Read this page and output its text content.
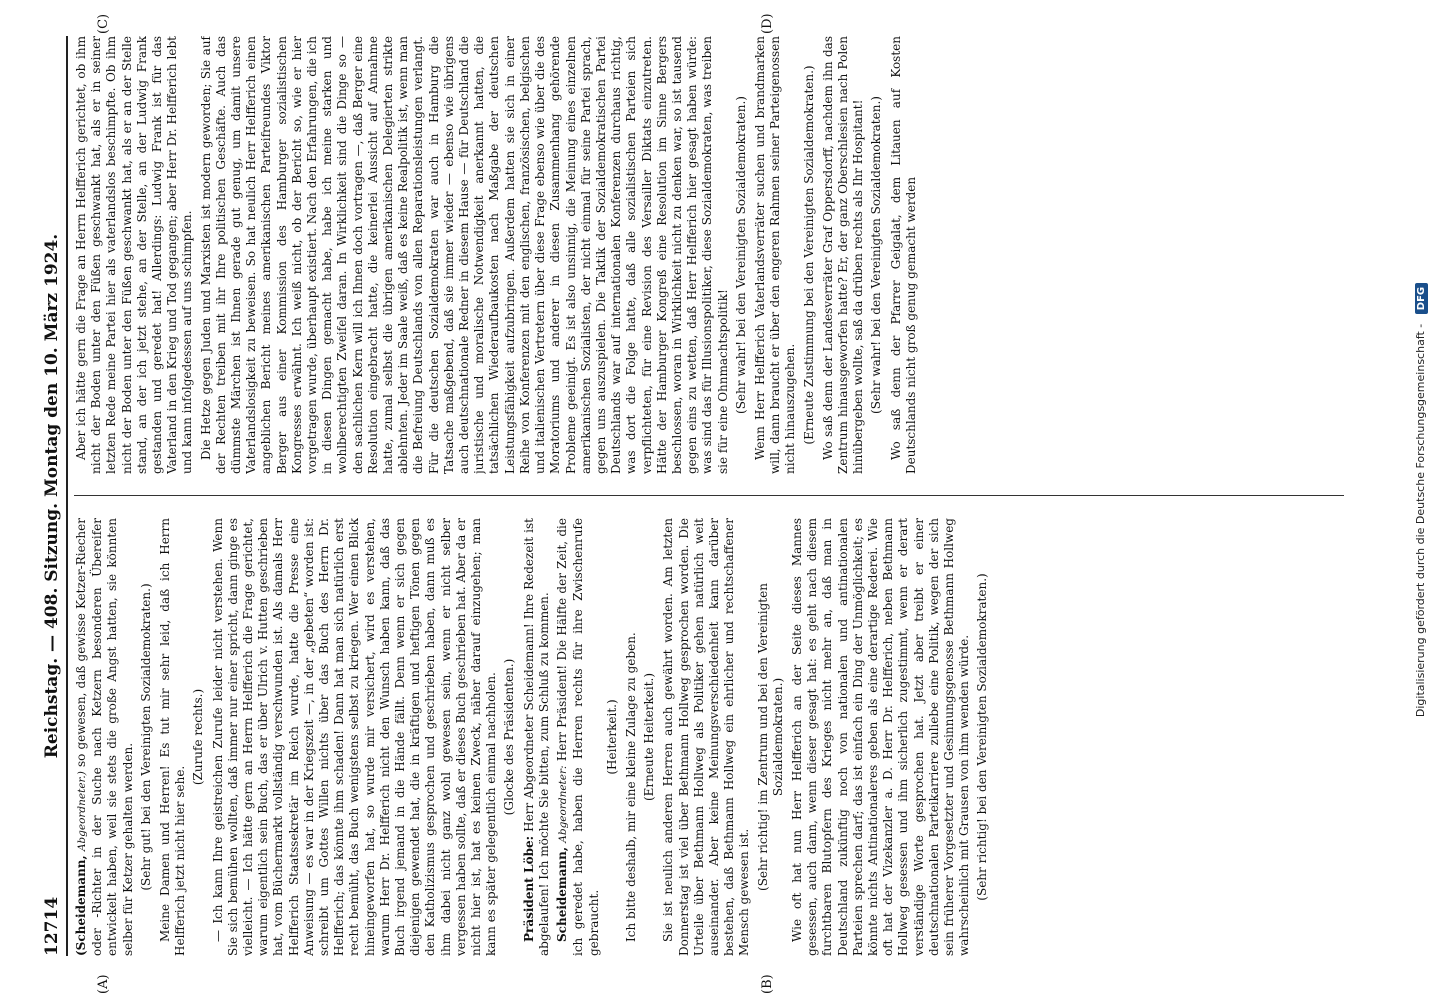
12714
Reichstag. — 408. Sitzung. Montag den 10. März 1924.
(A)	(B)
(C)	(D)

(Scheidemann, Abgeordneter.) so gewesen, daß gewisse Ketzer-Riecher oder -Richter in der Suche nach Ketzern besonderen Übereifer entwickelt haben, weil sie stets die große Angst hatten, sie könnten selber für Ketzer gehalten werden. (Sehr gut! bei den Vereinigten Sozialdemokraten.) Meine Damen und Herren! Es tut mir sehr leid, daß ich Herrn Helfferich jetzt nicht hier sehe.

(Zurufe rechts.) — Ich kann Ihre geistreichen Zurufe leider nicht verstehen. Wenn Sie sich bemühen wollten, daß immer nur einer spricht, dann ginge es vielleicht. — Ich hätte gern an Herrn Helfferich die Frage gerichtet, warum eigentlich sein Buch, das er über Ulrich v. Hutten geschrieben hat, vom Büchermarkt vollständig verschwunden ist. Als damals Herr Helfferich Staatssekretär im Reich wurde, hatte die Presse eine Anweisung — es war in der Kriegszeit —, in der „gebeten“ worden ist: schreibt um Gottes Willen nichts über das Buch des Herrn Dr. Helfferich; das könnte ihm schaden! Dann hat man sich natürlich erst recht bemüht, das Buch wenigstens selbst zu kriegen. Wer einen Blick hineingeworfen hat, so wurde mir versichert, wird es verstehen, warum Herr Dr. Helfferich nicht den Wunsch haben kann, daß das Buch irgend jemand in die Hände fällt. Denn wenn er sich gegen diejenigen gewendet hat, die in kräftigen und heftigen Tönen gegen den Katholizismus gesprochen und geschrieben haben, dann muß es ihm dabei nicht ganz wohl gewesen sein, wenn er nicht selber vergessen haben sollte, daß er dieses Buch geschrieben hat. Aber da er nicht hier ist, hat es keinen Zweck, näher darauf einzugehen; man kann es später gelegentlich einmal nachholen. (Glocke des Präsidenten.)

Präsident Löbe: Herr Abgeordneter Scheidemann! Ihre Redezeit ist abgelaufen! Ich möchte Sie bitten, zum Schluß zu kommen. Scheidemann, Abgeordneter: Herr Präsident! Die Hälfte der Zeit, die ich geredet habe, haben die Herren rechts für ihre Zwischenrufe gebraucht.

(Heiterkeit.) Ich bitte deshalb, mir eine kleine Zulage zu geben. (Erneute Heiterkeit.) Sie ist neulich anderen Herren auch gewährt worden. Am letzten Donnerstag ist viel über Bethmann Hollweg gesprochen worden. Die Urteile über Bethmann Hollweg als Politiker gehen natürlich weit auseinander. Aber keine Meinungsverschiedenheit kann darüber bestehen, daß Bethmann Hollweg ein ehrlicher und rechtschaffener Mensch gewesen ist.

(Sehr richtig! im Zentrum und bei den Vereinigten Sozialdemokraten.) Wie oft hat nun Herr Helfferich an der Seite dieses Mannes gesessen, auch dann, wenn dieser gesagt hat: es geht nach diesem furchtbaren Blutopfern des Krieges nicht mehr an, daß man in Deutschland zukünftig noch von nationalen und antinationalen Parteien sprechen darf; das ist einfach ein Ding der Unmöglichkeit; es könnte nichts Antinationaleres geben als eine derartige Rederei. Wie oft hat der Vizekanzler a. D. Herr Dr. Helfferich, neben Bethmann Hollweg gesessen und ihm sicherlich zugestimmt, wenn er derart verständige Worte gesprochen hat. Jetzt aber treibt er einer deutschnationalen Parteikarriere zuliebe eine Politik, wegen der sich sein früherer Vorgesetzter und Gesinnungsgenosse Bethmann Hollweg wahrscheinlich mit Grausen von ihm wenden würde. (Sehr richtig! bei den Vereinigten Sozialdemokraten.)

Aber ich hätte gern die Frage an Herrn Helfferich gerichtet, ob ihm nicht der Boden unter den Füßen geschwankt hat, als er in seiner letzten Rede meine Partei hier als vaterlandslos beschimpfte. Ob ihm nicht der Boden unter den Füßen geschwankt hat, als er an der Stelle stand, an der ich jetzt stehe, an der Stelle, an der Ludwig Frank gestanden und geredet hat! Allerdings: Ludwig Frank ist für das Vaterland in den Krieg und Tod gegangen; aber Herr Dr. Helfferich lebt und kann infolgedessen auf uns schimpfen. Die Hetze gegen Juden und Marxisten ist modern geworden; Sie auf der Rechten treiben mit ihr Ihre politischen Geschäfte. Auch das dümmste Märchen ist Ihnen gerade gut genug, um damit unsere Vaterlandslosigkeit zu beweisen. So hat neulich Herr Helfferich einen angeblichen Bericht meines amerikanischen Parteifreundes Viktor Berger aus einer Kommission des Hamburger sozialistischen Kongresses erwähnt. Ich weiß nicht, ob der Bericht so, wie er hier vorgetragen wurde, überhaupt existiert. Nach den Erfahrungen, die ich in diesen Dingen gemacht habe, habe ich meine starken und wohlberechtigten Zweifel daran. In Wirklichkeit sind die Dinge so — den sachlichen Kern will ich Ihnen doch vortragen —, daß Berger eine Resolution eingebracht hatte, die keinerlei Aussicht auf Annahme hatte, zumal selbst die übrigen amerikanischen Delegierten strikte ablehnten. Jeder im Saale weiß, daß es keine Realpolitik ist, wenn man die Befreiung Deutschlands von allen Reparationsleistungen verlangt. Für die deutschen Sozialdemokraten war auch in Hamburg die Tatsache maßgebend, daß sie immer wieder — ebenso wie übrigens auch deutschnationale Redner in diesem Hause — für Deutschland die juristische und moralische Notwendigkeit anerkannt hatten, die tatsächlichen Wiederaufbaukosten nach Maßgabe der deutschen Leistungsfähigkeit aufzubringen. Außerdem hatten sie sich in einer Reihe von Konferenzen mit den englischen, französischen, belgischen und italienischen Vertretern über diese Frage ebenso wie über die des Moratoriums und anderer in diesen Zusammenhang gehörende Probleme geeinigt. Es ist also unsinnig, die Meinung eines einzelnen amerikanischen Sozialisten, der nicht einmal für seine Partei sprach, gegen uns auszuspielen. Die Taktik der Sozialdemokratischen Partei Deutschlands war auf internationalen Konferenzen durchaus richtig, was dort die Folge hatte, daß alle sozialistischen Parteien sich verpflichteten, für eine Revision des Versailler Diktats einzutreten. Hätte der Hamburger Kongreß eine Resolution im Sinne Bergers beschlossen, woran in Wirklichkeit nicht zu denken war, so ist tausend gegen eins zu wetten, daß Herr Helfferich hier gesagt haben würde: was sind das für Illusionspolitiker, diese Sozialdemokraten, was treiben sie für eine Ohnmachtspolitik! (Sehr wahr! bei den Vereinigten Sozialdemokraten.) Wenn Herr Helfferich Vaterlandsverräter suchen und brandmarken will, dann braucht er über den engeren Rahmen seiner Parteigenossen nicht hinauszugehen. (Erneute Zustimmung bei den Vereinigten Sozialdemokraten.) Wo saß denn der Landesverräter Graf Oppersdorff, nachdem ihn das Zentrum hinausgeworfen hatte? Er, der ganz Oberschlesien nach Polen hinübergeben wollte, saß da drüben rechts als Ihr Hospitant! (Sehr wahr! bei den Vereinigten Sozialdemokraten.) Wo saß denn der Pfarrer Geigalat, dem Litauen auf Kosten Deutschlands nicht groß genug gemacht werden	Digitalisierung gefördert durch die Deutsche Forschungsgemeinschaft - DFG
